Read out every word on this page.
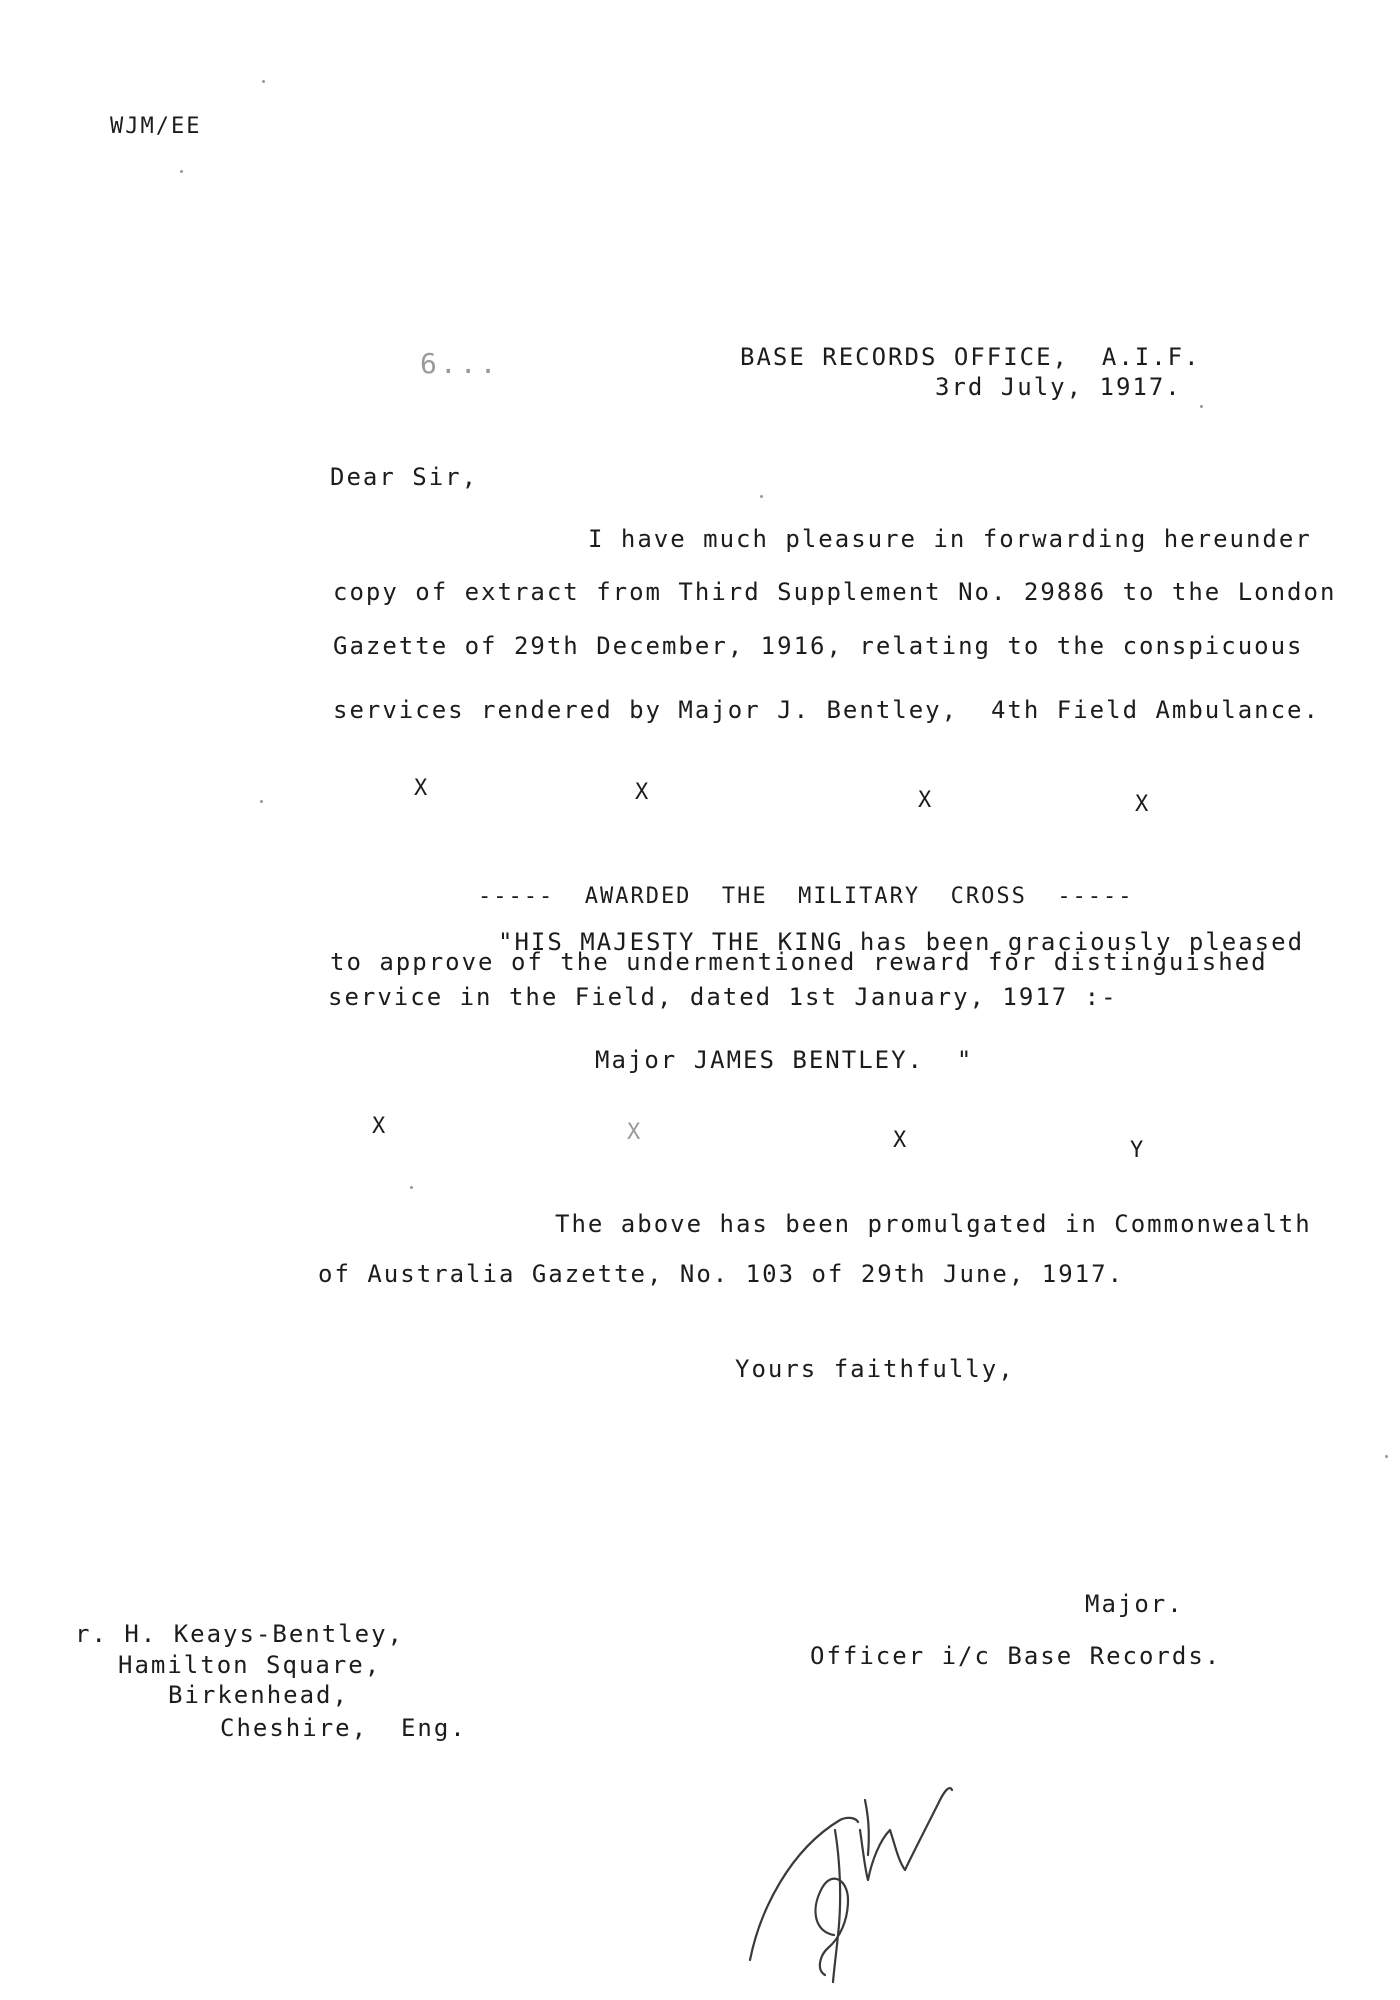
WJM/EE
6...	BASE RECORDS OFFICE,  A.I.F.
3rd July, 1917.
Dear Sir,
I have much pleasure in forwarding hereunder
copy of extract from Third Supplement No. 29886 to the London
Gazette of 29th December, 1916, relating to the conspicuous
services rendered by Major J. Bentley,  4th Field Ambulance.
X	X	X	X
-----  AWARDED  THE  MILITARY  CROSS  -----
"HIS MAJESTY THE KING has been graciously pleased
to approve of the undermentioned reward for distinguished
service in the Field, dated 1st January, 1917 :-
Major JAMES BENTLEY.  "
X	X	X	Y
The above has been promulgated in Commonwealth
of Australia Gazette, No. 103 of 29th June, 1917.
Yours faithfully,
Major.
Officer i/c Base Records.
r. H. Keays-Bentley,
Hamilton Square,
Birkenhead,
Cheshire,  Eng.
